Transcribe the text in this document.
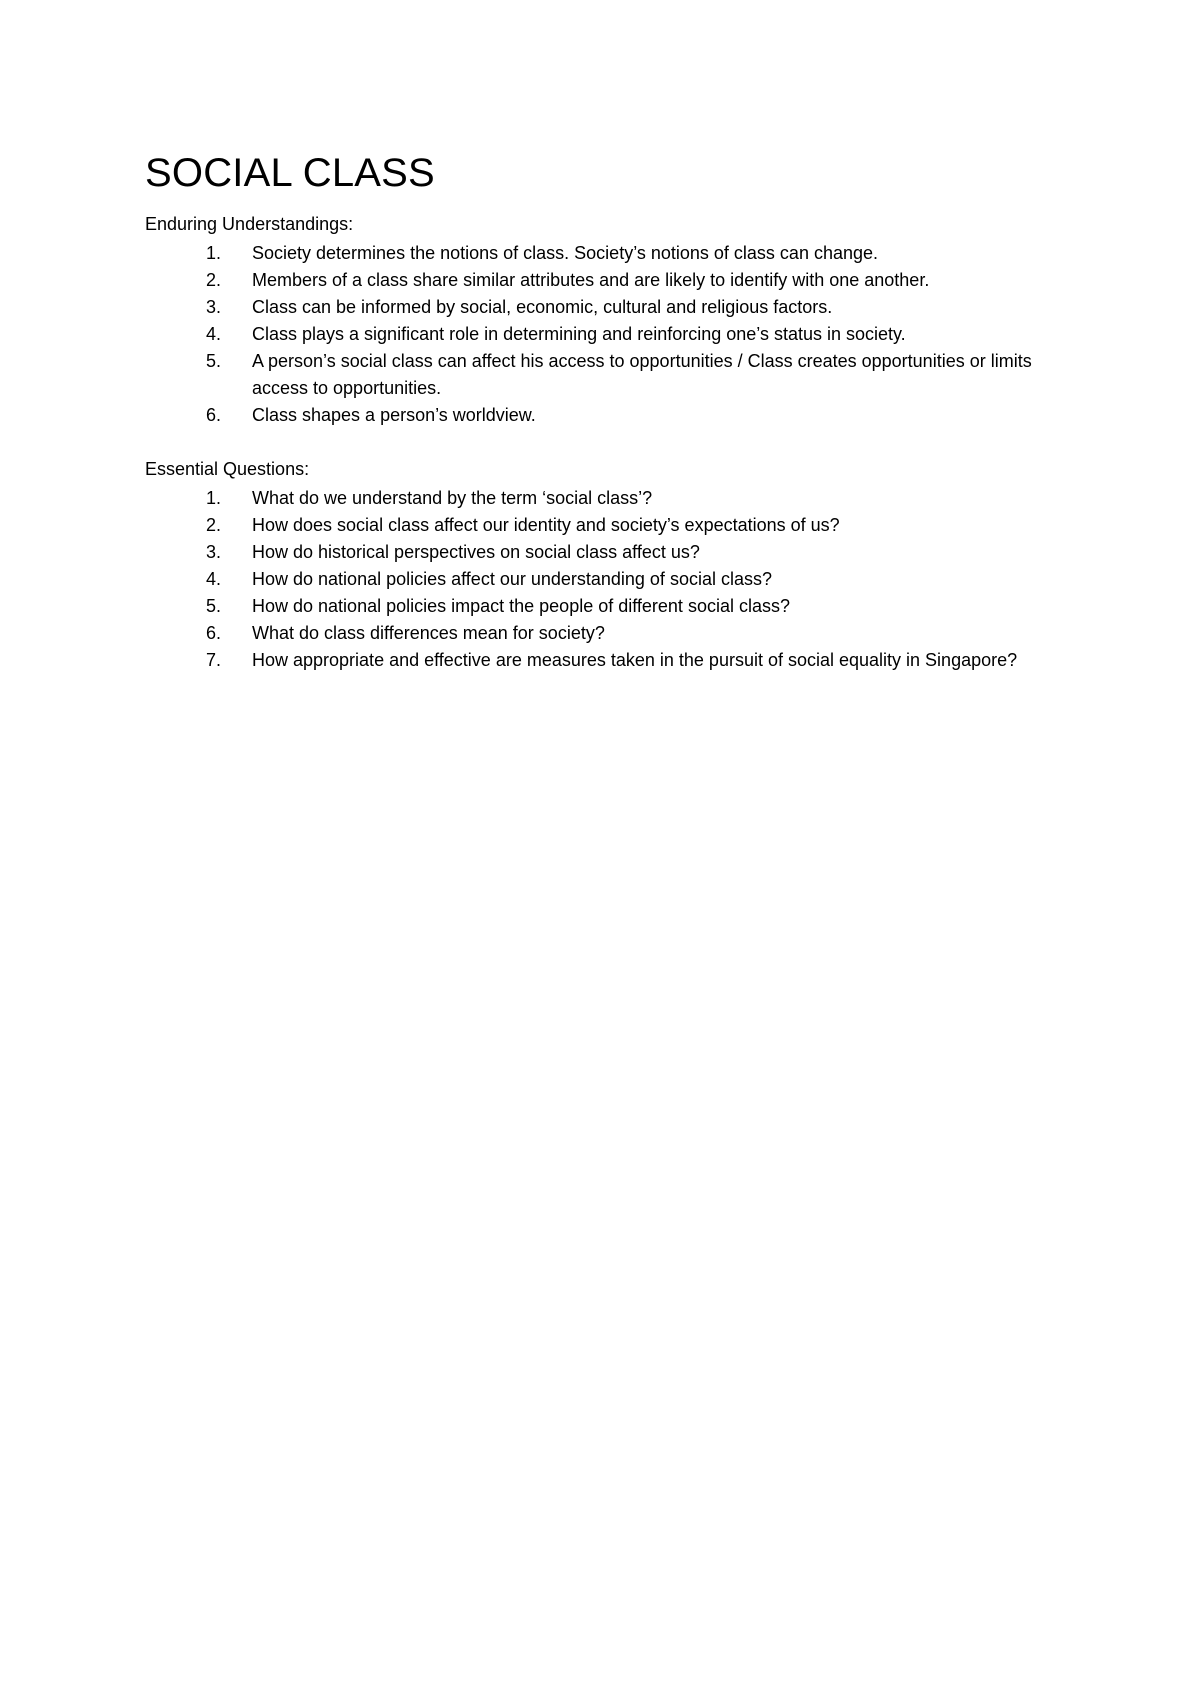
SOCIAL CLASS
Enduring Understandings:
1. Society determines the notions of class. Society’s notions of class can change.
2. Members of a class share similar attributes and are likely to identify with one another.
3. Class can be informed by social, economic, cultural and religious factors.
4. Class plays a significant role in determining and reinforcing one’s status in society.
5. A person’s social class can affect his access to opportunities / Class creates opportunities or limits access to opportunities.
6. Class shapes a person’s worldview.
Essential Questions:
1. What do we understand by the term ‘social class’?
2. How does social class affect our identity and society’s expectations of us?
3. How do historical perspectives on social class affect us?
4. How do national policies affect our understanding of social class?
5. How do national policies impact the people of different social class?
6. What do class differences mean for society?
7. How appropriate and effective are measures taken in the pursuit of social equality in Singapore?
